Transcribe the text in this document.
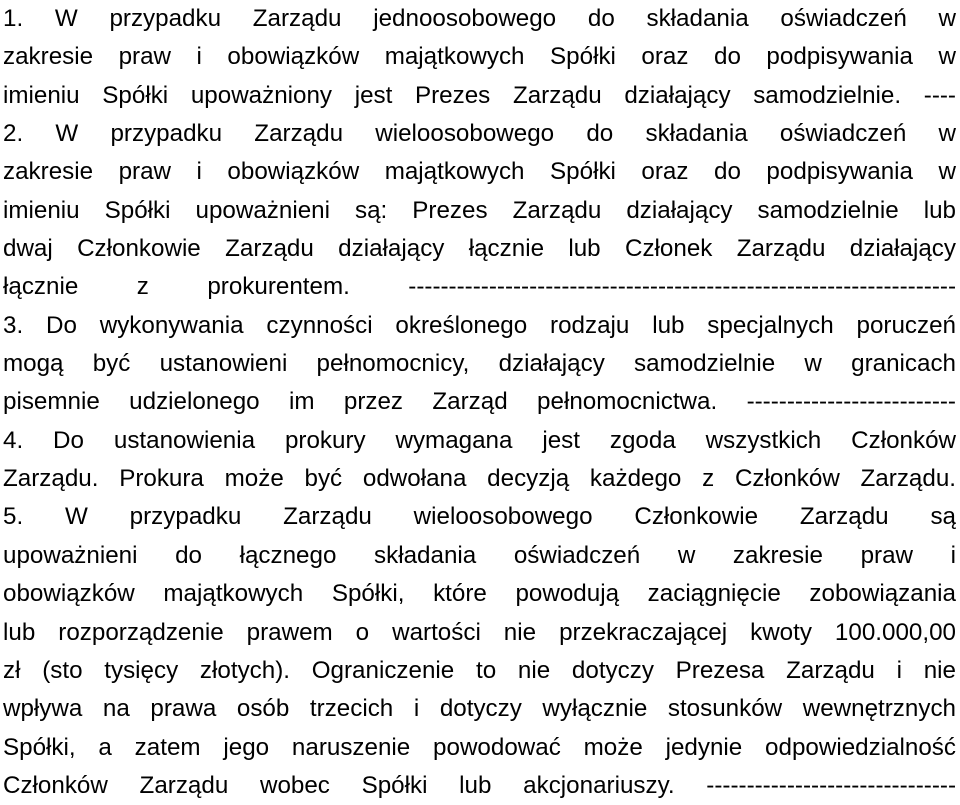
1. W przypadku Zarządu jednoosobowego do składania oświadczeń w
zakresie praw i obowiązków majątkowych Spółki oraz do podpisywania w
imieniu Spółki upoważniony jest Prezes Zarządu działający samodzielnie. ----
2. W przypadku Zarządu wieloosobowego do składania oświadczeń w
zakresie praw i obowiązków majątkowych Spółki oraz do podpisywania w
imieniu Spółki upoważnieni są: Prezes Zarządu działający samodzielnie lub
dwaj Członkowie Zarządu działający łącznie lub Członek Zarządu działający
łącznie z prokurentem. --------------------------------------------------------------------
3. Do wykonywania czynności określonego rodzaju lub specjalnych poruczeń
mogą być ustanowieni pełnomocnicy, działający samodzielnie w granicach
pisemnie udzielonego im przez Zarząd pełnomocnictwa. --------------------------
4. Do ustanowienia prokury wymagana jest zgoda wszystkich Członków
Zarządu. Prokura może być odwołana decyzją każdego z Członków Zarządu.
5. W przypadku Zarządu wieloosobowego Członkowie Zarządu są
upoważnieni do łącznego składania oświadczeń w zakresie praw i
obowiązków majątkowych Spółki, które powodują zaciągnięcie zobowiązania
lub rozporządzenie prawem o wartości nie przekraczającej kwoty 100.000,00
zł (sto tysięcy złotych). Ograniczenie to nie dotyczy Prezesa Zarządu i nie
wpływa na prawa osób trzecich i dotyczy wyłącznie stosunków wewnętrznych
Spółki, a zatem jego naruszenie powodować może jedynie odpowiedzialność
Członków Zarządu wobec Spółki lub akcjonariuszy. -------------------------------
